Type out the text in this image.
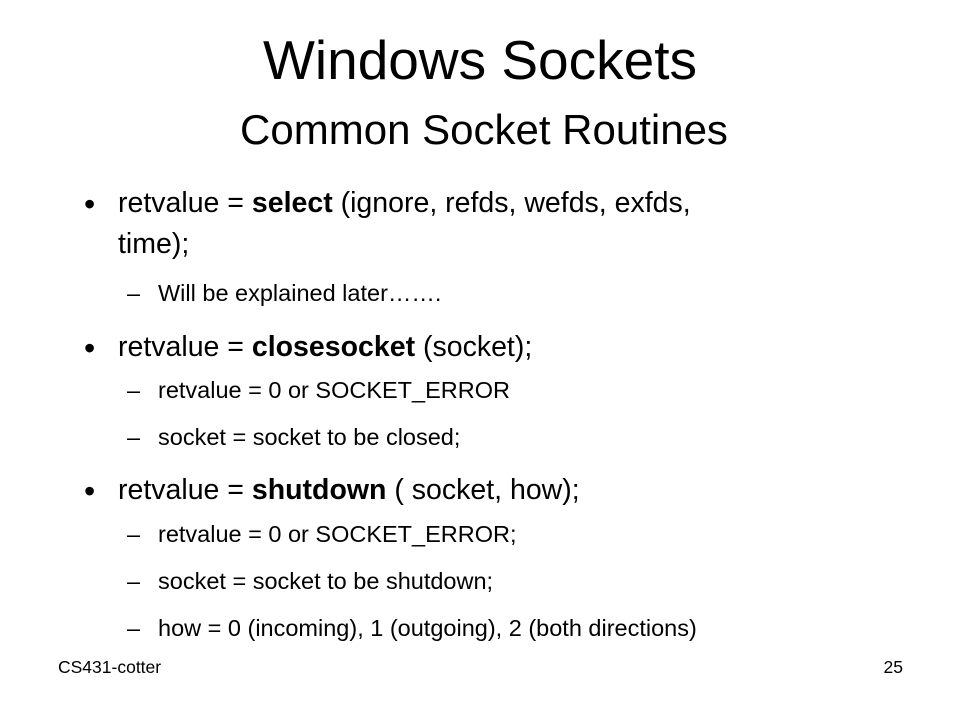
Windows Sockets
Common Socket Routines
• retvalue = select (ignore, refds, wefds, exfds,
time);
– Will be explained later…….
• retvalue = closesocket (socket);
– retvalue = 0 or SOCKET_ERROR
– socket = socket to be closed;
• retvalue = shutdown ( socket, how);
– retvalue = 0 or SOCKET_ERROR;
– socket = socket to be shutdown;
– how = 0 (incoming), 1 (outgoing), 2 (both directions)
CS431-cotter	25
